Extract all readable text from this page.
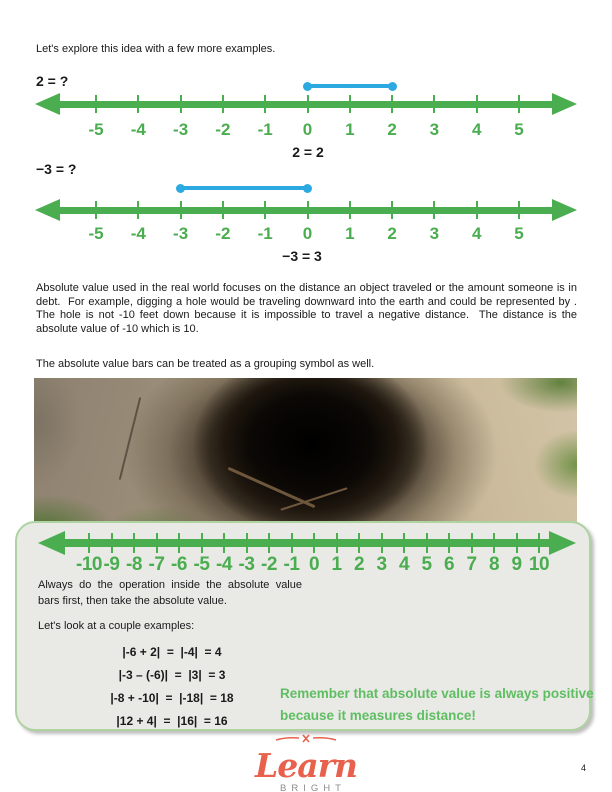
Let's explore this idea with a few more examples.
2 = ?
-5	-4	-3	-2	-1	0	1	2	3	4	5
2 = 2
−3 = ?
-5	-4	-3	-2	-1	0	1	2	3	4	5
−3 = 3
Absolute value used in the real world focuses on the distance an object traveled or the amount someone is in debt.  For example, digging a hole would be traveling downward into the earth and could be represented by .  The hole is not -10 feet down because it is impossible to travel a negative distance.  The distance is the absolute value of -10 which is 10.
The absolute value bars can be treated as a grouping symbol as well.
-10 -9 -8 -7 -6 -5 -4 -3 -2 -1 0 1 2 3 4 5 6 7 8 9 10
Always do the operation inside the absolute value bars first, then take the absolute value.
Let's look at a couple examples:
|-6 + 2|  =  |-4|  = 4
|-3 – (-6)|  =  |3|  = 3
|-8 + -10|  =  |-18|  = 18
|12 + 4|  =  |16|  = 16
Remember that absolute value is always positive because it measures distance!
Learn
BRIGHT
4
